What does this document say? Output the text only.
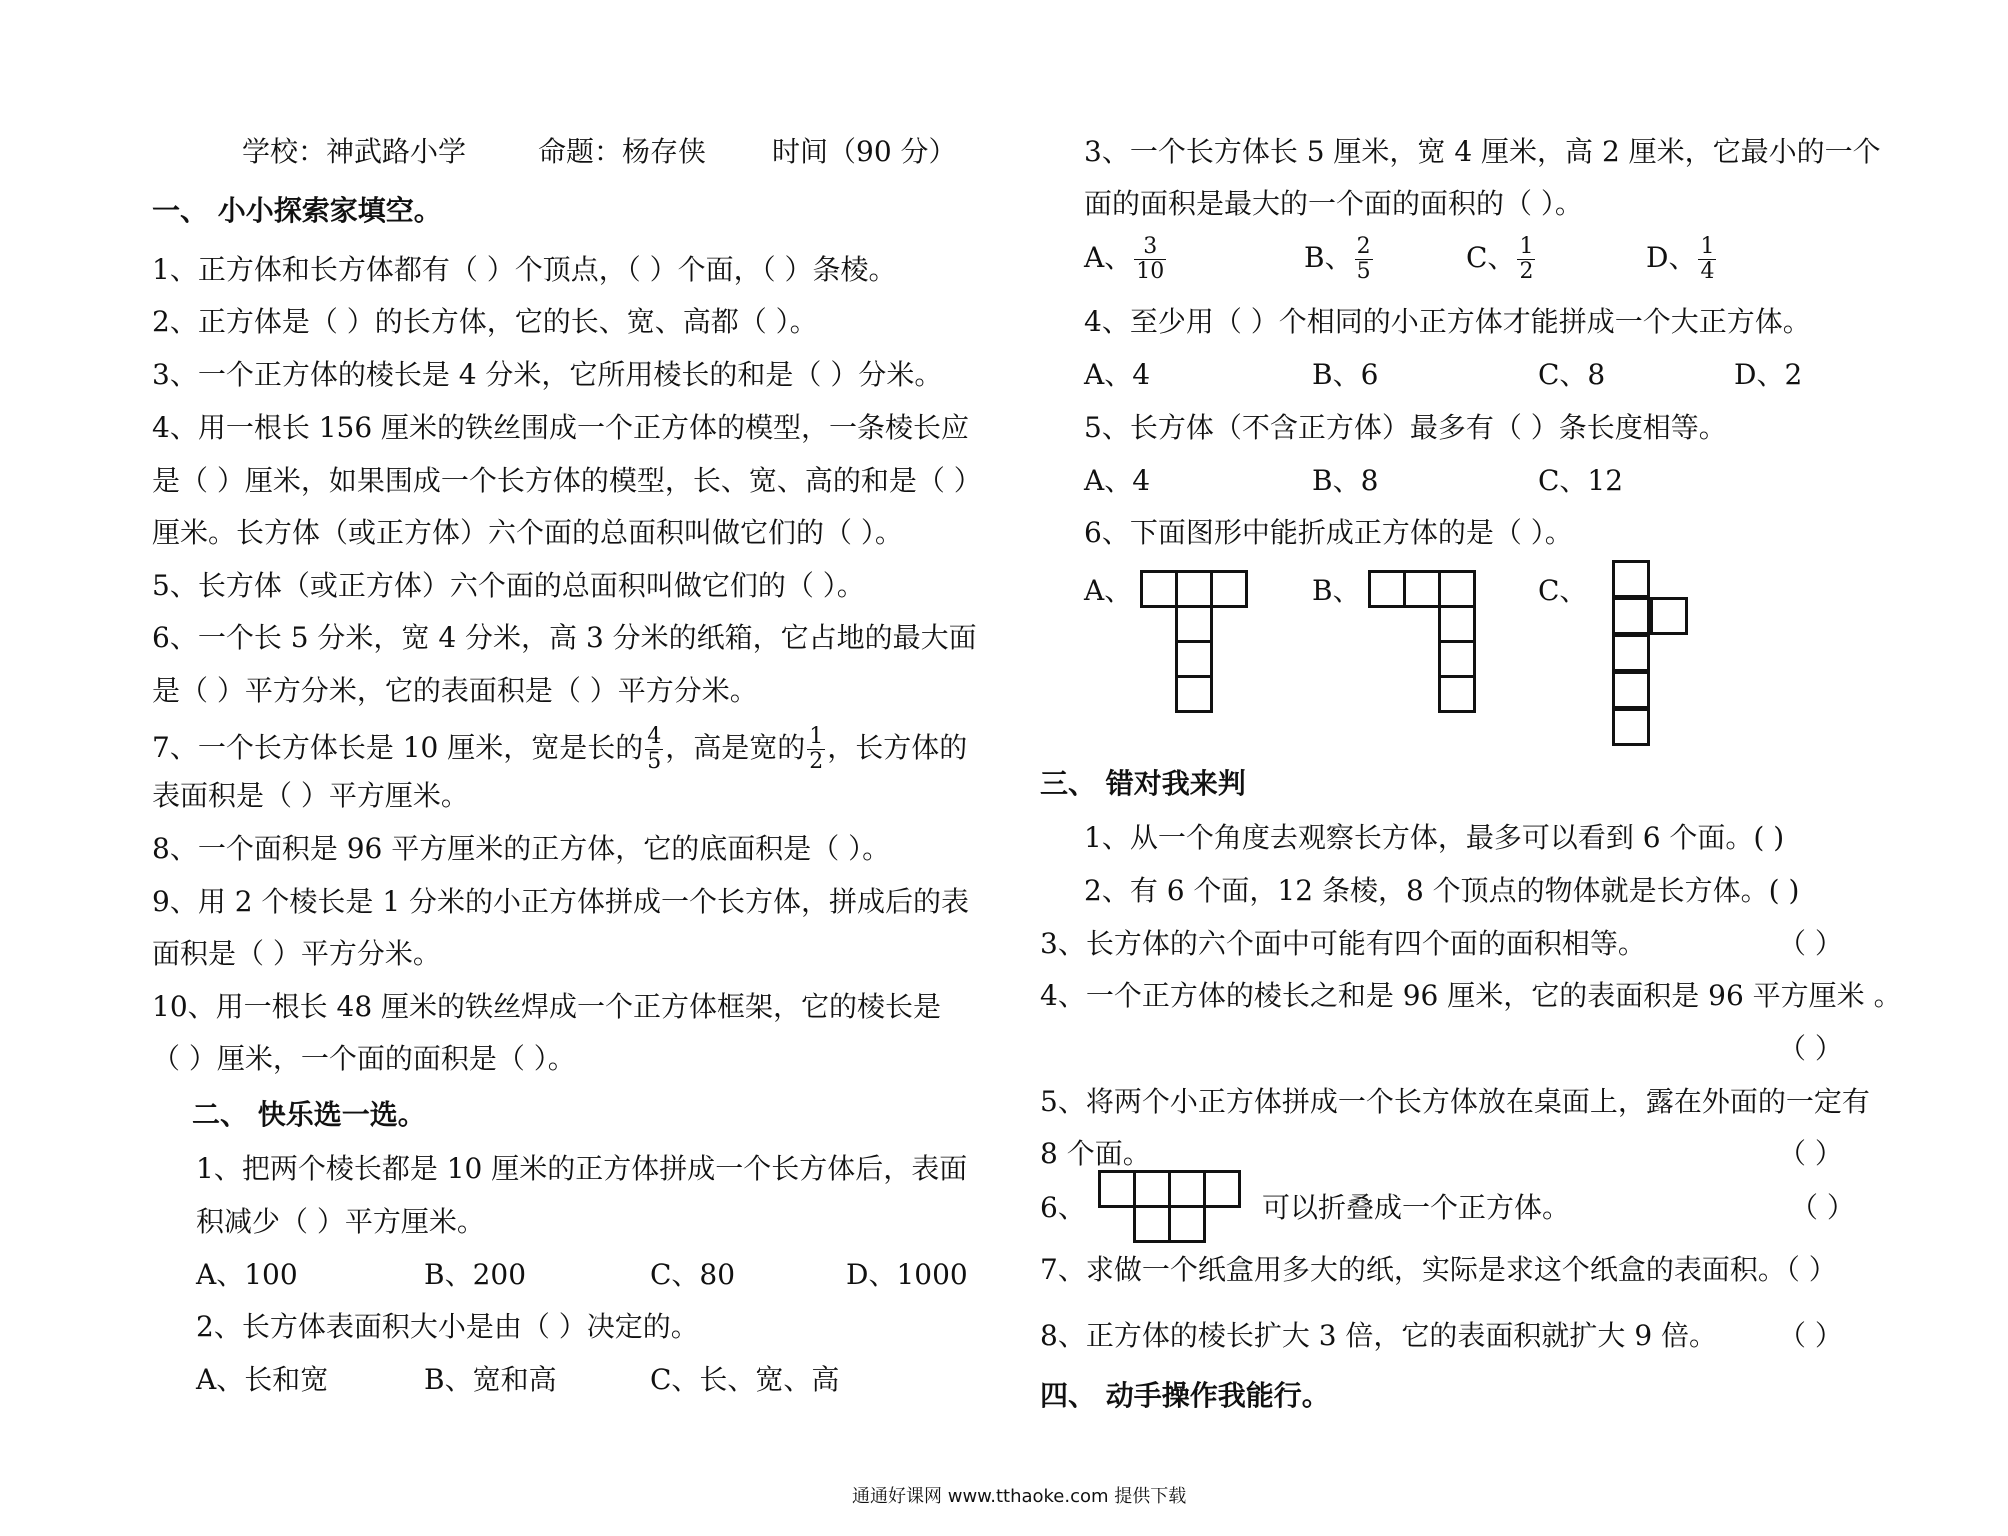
学校：神武路小学	命题：杨存侠 时间（90 分）
一、 小小探索家填空。
1、正方体和长方体都有（ ）个顶点，（ ）个面，（ ）条棱。
2、正方体是（ ）的长方体，它的长、宽、高都（ ）。
3、一个正方体的棱长是 4 分米，它所用棱长的和是（ ）分米。
4、用一根长 156 厘米的铁丝围成一个正方体的模型，一条棱长应
是（ ）厘米，如果围成一个长方体的模型，长、宽、高的和是（ ）
厘米。长方体（或正方体）六个面的总面积叫做它们的（ ）。
5、长方体（或正方体）六个面的总面积叫做它们的（ ）。
6、一个长 5 分米，宽 4 分米，高 3 分米的纸箱，它占地的最大面
是（ ）平方分米，它的表面积是（ ）平方分米。
7、一个长方体长是 10 厘米，宽是长的 $\frac{4}{5}$ ，高是宽的 $\frac{1}{2}$ ，长方体的
表面积是（ ）平方厘米。
8、一个面积是 96 平方厘米的正方体，它的底面积是（ ）。
9、用 2 个棱长是 1 分米的小正方体拼成一个长方体，拼成后的表
面积是（ ）平方分米。
10、用一根长 48 厘米的铁丝焊成一个正方体框架，它的棱长是
（ ）厘米，一个面的面积是（ ）。
二、 快乐选一选。
1、把两个棱长都是 10 厘米的正方体拼成一个长方体后，表面
积减少（ ）平方厘米。
A、100	B、200	C、80	D、1000
2、长方体表面积大小是由（ ）决定的。
A、长和宽	B、宽和高	C、长、宽、高
3、一个长方体长 5 厘米，宽 4 厘米，高 2 厘米，它最小的一个
面的面积是最大的一个面的面积的（ ）。
A、 $\frac{3}{10}$	B、 $\frac{2}{5}$	C、 $\frac{1}{2}$	D、 $\frac{1}{4}$
4、至少用（ ）个相同的小正方体才能拼成一个大正方体。
A、4	B、6	C、8	D、2
5、长方体（不含正方体）最多有（ ）条长度相等。
A、4	B、8	C、12
6、下面图形中能折成正方体的是（ ）。
A、	B、	C、
三、 错对我来判
1、从一个角度去观察长方体，最多可以看到 6 个面。( )
2、有 6 个面，12 条棱，8 个顶点的物体就是长方体。( )
3、长方体的六个面中可能有四个面的面积相等。	（ ）
4、一个正方体的棱长之和是 96 厘米，它的表面积是 96 平方厘米 。
（ ）
5、将两个小正方体拼成一个长方体放在桌面上，露在外面的一定有
8 个面。	（ ）
6、	可以折叠成一个正方体。	（ ）
7、求做一个纸盒用多大的纸，实际是求这个纸盒的表面积。（ ）
8、正方体的棱长扩大 3 倍，它的表面积就扩大 9 倍。 （ ）
四、 动手操作我能行。
通通好课网 www.tthaoke.com 提供下载
